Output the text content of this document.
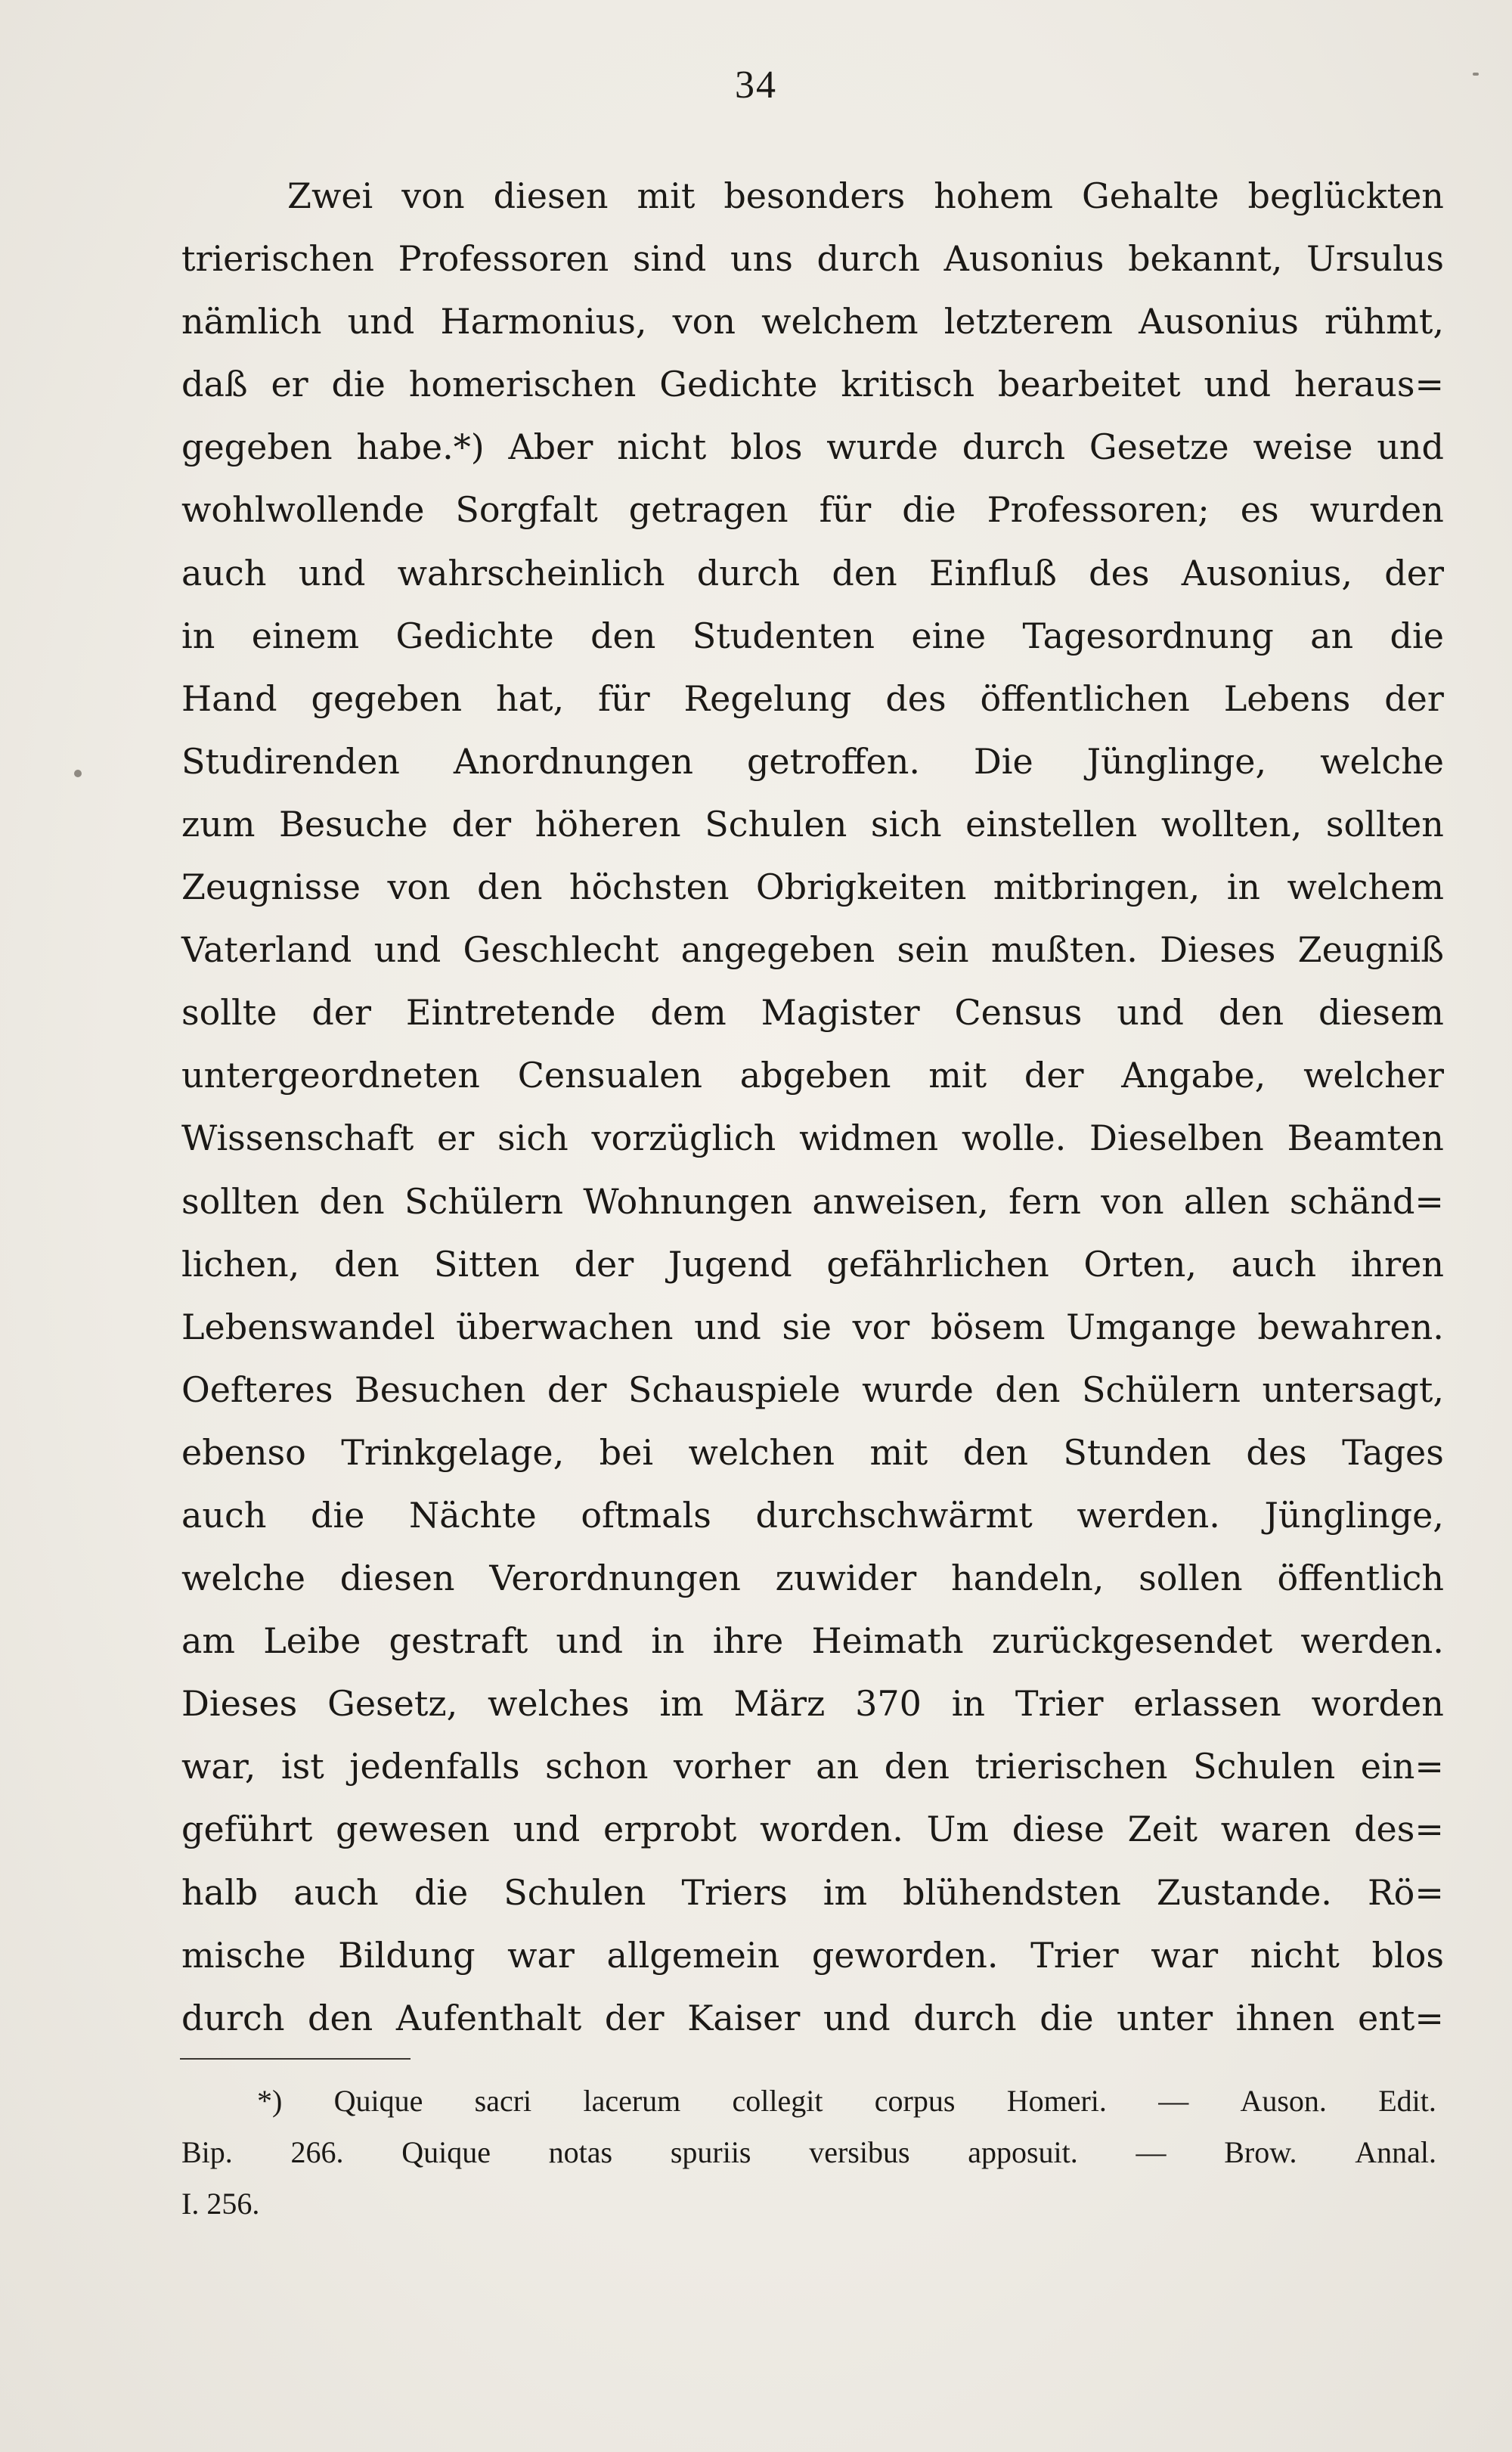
34
Zwei von diesen mit besonders hohem Gehalte beglückten
trierischen Professoren sind uns durch Ausonius bekannt, Ursulus
nämlich und Harmonius, von welchem letzterem Ausonius rühmt,
daß er die homerischen Gedichte kritisch bearbeitet und heraus=
gegeben habe.*) Aber nicht blos wurde durch Gesetze weise und
wohlwollende Sorgfalt getragen für die Professoren; es wurden
auch und wahrscheinlich durch den Einfluß des Ausonius, der
in einem Gedichte den Studenten eine Tagesordnung an die
Hand gegeben hat, für Regelung des öffentlichen Lebens der
Studirenden Anordnungen getroffen. Die Jünglinge, welche
zum Besuche der höheren Schulen sich einstellen wollten, sollten
Zeugnisse von den höchsten Obrigkeiten mitbringen, in welchem
Vaterland und Geschlecht angegeben sein mußten. Dieses Zeugniß
sollte der Eintretende dem Magister Census und den diesem
untergeordneten Censualen abgeben mit der Angabe, welcher
Wissenschaft er sich vorzüglich widmen wolle. Dieselben Beamten
sollten den Schülern Wohnungen anweisen, fern von allen schänd=
lichen, den Sitten der Jugend gefährlichen Orten, auch ihren
Lebenswandel überwachen und sie vor bösem Umgange bewahren.
Oefteres Besuchen der Schauspiele wurde den Schülern untersagt,
ebenso Trinkgelage, bei welchen mit den Stunden des Tages
auch die Nächte oftmals durchschwärmt werden. Jünglinge,
welche diesen Verordnungen zuwider handeln, sollen öffentlich
am Leibe gestraft und in ihre Heimath zurückgesendet werden.
Dieses Gesetz, welches im März 370 in Trier erlassen worden
war, ist jedenfalls schon vorher an den trierischen Schulen ein=
geführt gewesen und erprobt worden. Um diese Zeit waren des=
halb auch die Schulen Triers im blühendsten Zustande. Rö=
mische Bildung war allgemein geworden. Trier war nicht blos
durch den Aufenthalt der Kaiser und durch die unter ihnen ent=
*) Quique sacri lacerum collegit corpus Homeri. — Auson. Edit.
Bip. 266. Quique notas spuriis versibus apposuit. — Brow. Annal.
I. 256.
